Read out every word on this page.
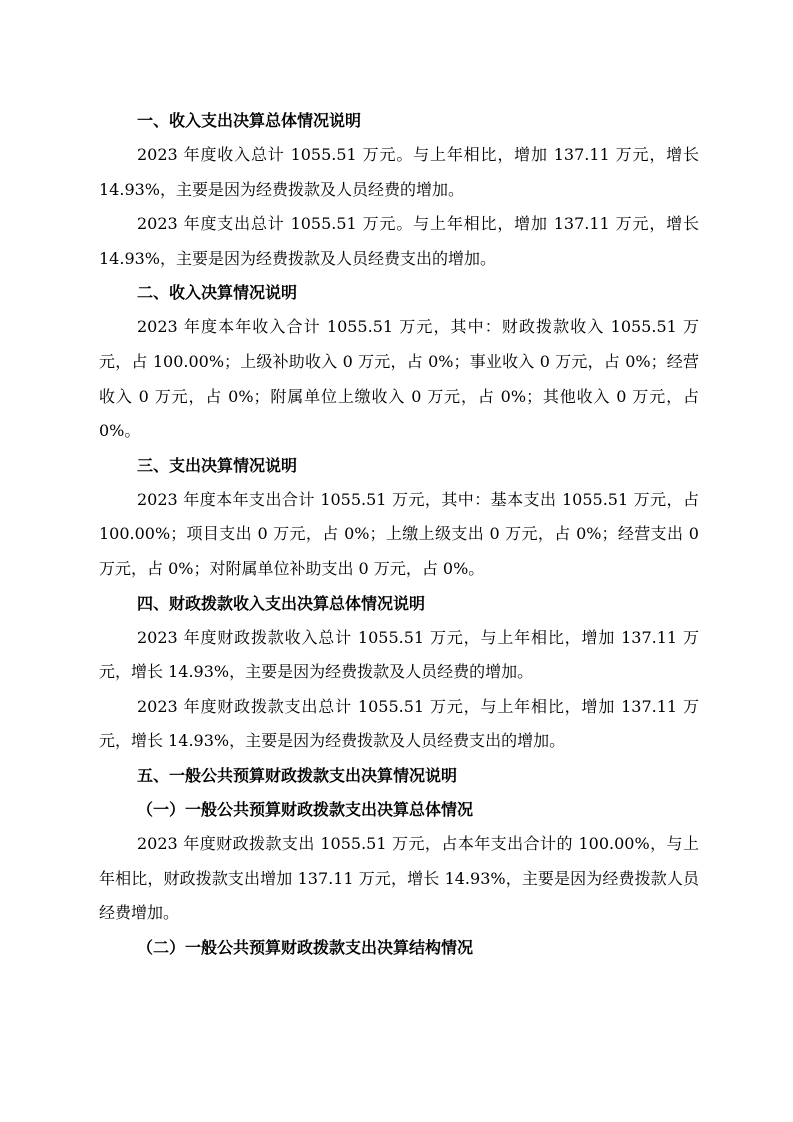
一、收入支出决算总体情况说明

2023 年度收入总计 1055.51 万元。与上年相比，增加 137.11 万元，增长 14.93%，主要是因为经费拨款及人员经费的增加。

2023 年度支出总计 1055.51 万元。与上年相比，增加 137.11 万元，增长 14.93%，主要是因为经费拨款及人员经费支出的增加。

二、收入决算情况说明

2023 年度本年收入合计 1055.51 万元，其中：财政拨款收入 1055.51 万元，占 100.00%；上级补助收入 0 万元，占 0%；事业收入 0 万元，占 0%；经营收入 0 万元，占 0%；附属单位上缴收入 0 万元，占 0%；其他收入 0 万元，占 0%。

三、支出决算情况说明

2023 年度本年支出合计 1055.51 万元，其中：基本支出 1055.51 万元，占 100.00%；项目支出 0 万元，占 0%；上缴上级支出 0 万元，占 0%；经营支出 0 万元，占 0%；对附属单位补助支出 0 万元，占 0%。

四、财政拨款收入支出决算总体情况说明

2023 年度财政拨款收入总计 1055.51 万元，与上年相比，增加 137.11 万元，增长 14.93%，主要是因为经费拨款及人员经费的增加。

2023 年度财政拨款支出总计 1055.51 万元，与上年相比，增加 137.11 万元，增长 14.93%，主要是因为经费拨款及人员经费支出的增加。

五、一般公共预算财政拨款支出决算情况说明
（一）一般公共预算财政拨款支出决算总体情况

2023 年度财政拨款支出 1055.51 万元，占本年支出合计的 100.00%，与上年相比，财政拨款支出增加 137.11 万元，增长 14.93%，主要是因为经费拨款人员经费增加。

（二）一般公共预算财政拨款支出决算结构情况
